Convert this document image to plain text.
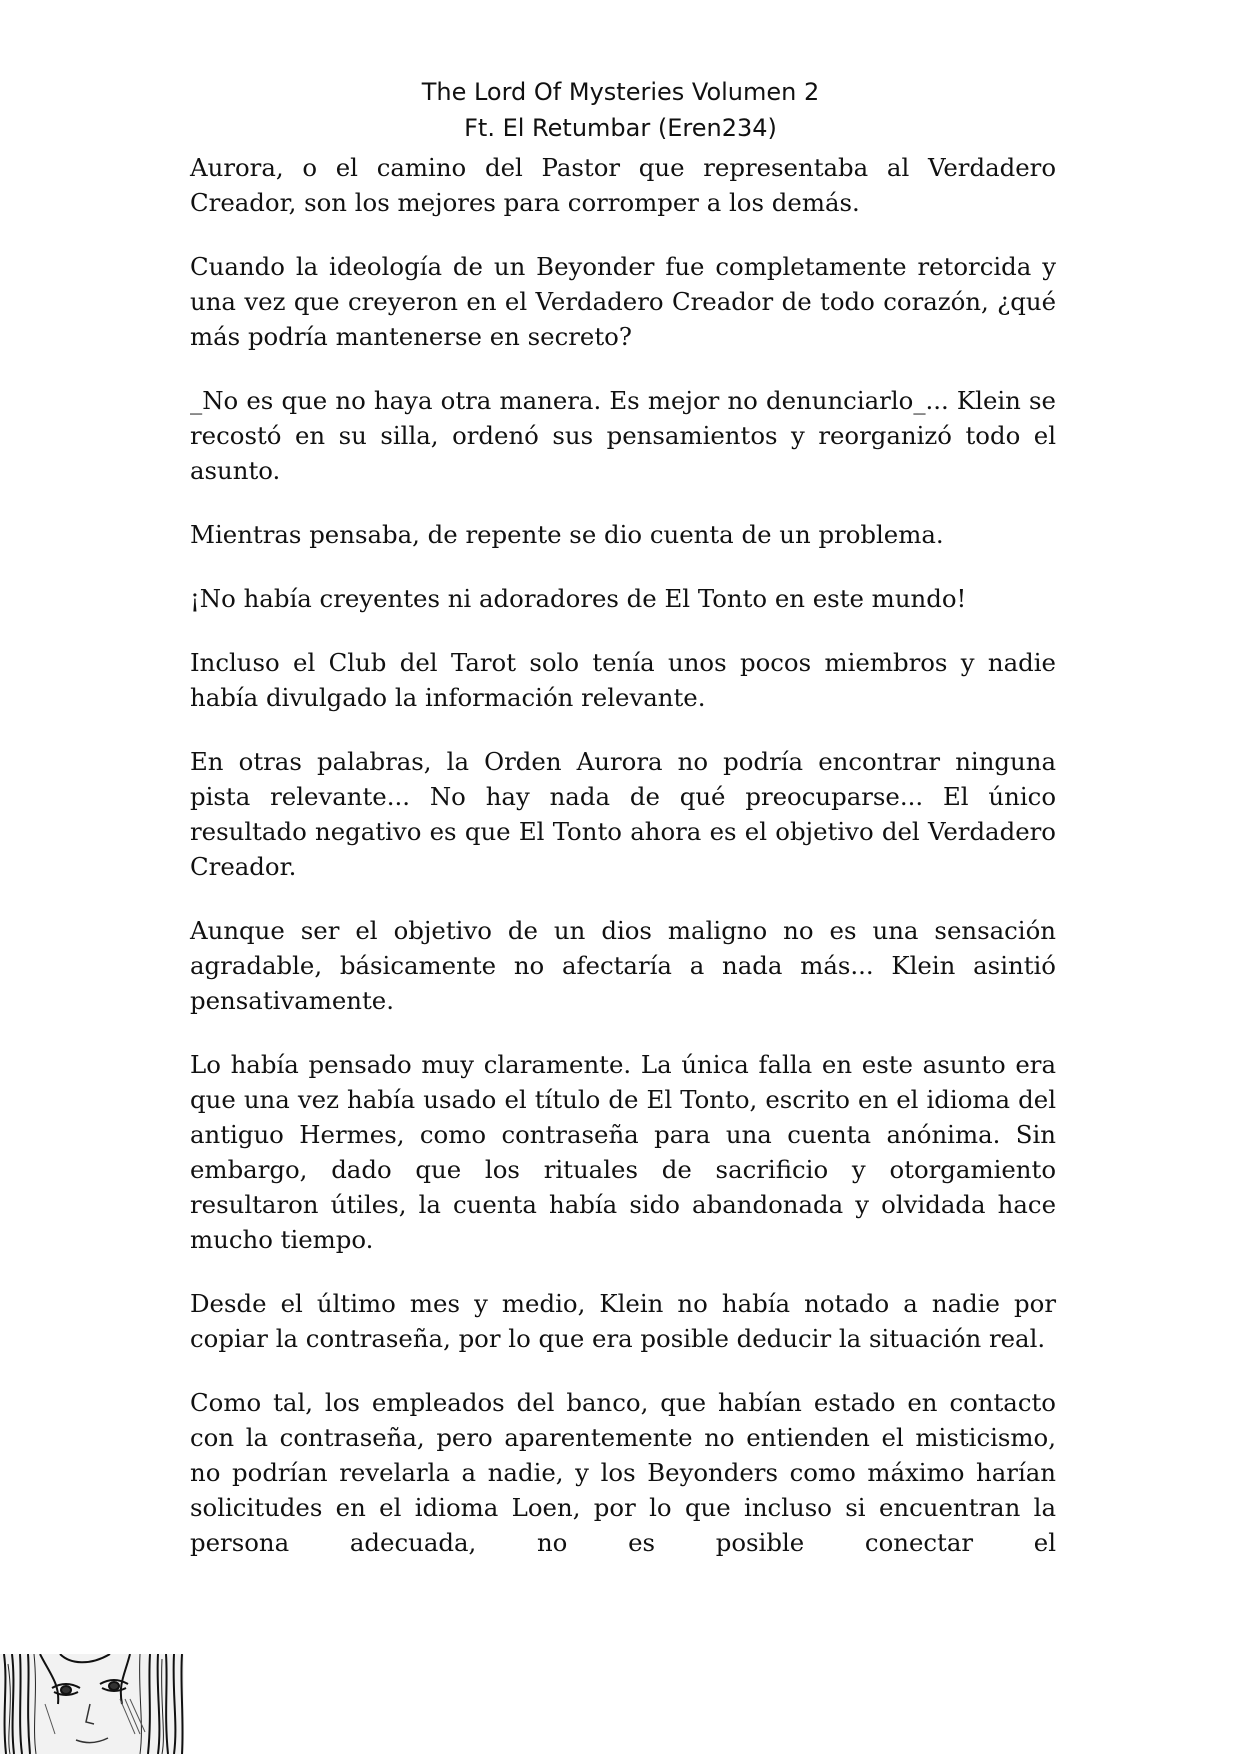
The Lord Of Mysteries Volumen 2
Ft. El Retumbar (Eren234)

Aurora, o el camino del Pastor que representaba al Verdadero Creador, son los mejores para corromper a los demás.

Cuando la ideología de un Beyonder fue completamente retorcida y una vez que creyeron en el Verdadero Creador de todo corazón, ¿qué más podría mantenerse en secreto?

_No es que no haya otra manera. Es mejor no denunciarlo_... Klein se recostó en su silla, ordenó sus pensamientos y reorganizó todo el asunto.

Mientras pensaba, de repente se dio cuenta de un problema.

¡No había creyentes ni adoradores de El Tonto en este mundo!

Incluso el Club del Tarot solo tenía unos pocos miembros y nadie había divulgado la información relevante.

En otras palabras, la Orden Aurora no podría encontrar ninguna pista relevante... No hay nada de qué preocuparse... El único resultado negativo es que El Tonto ahora es el objetivo del Verdadero Creador.

Aunque ser el objetivo de un dios maligno no es una sensación agradable, básicamente no afectaría a nada más... Klein asintió pensativamente.

Lo había pensado muy claramente. La única falla en este asunto era que una vez había usado el título de El Tonto, escrito en el idioma del antiguo Hermes, como contraseña para una cuenta anónima. Sin embargo, dado que los rituales de sacrificio y otorgamiento resultaron útiles, la cuenta había sido abandonada y olvidada hace mucho tiempo.

Desde el último mes y medio, Klein no había notado a nadie por copiar la contraseña, por lo que era posible deducir la situación real.

Como tal, los empleados del banco, que habían estado en contacto con la contraseña, pero aparentemente no entienden el misticismo, no podrían revelarla a nadie, y los Beyonders como máximo harían solicitudes en el idioma Loen, por lo que incluso si encuentran la persona adecuada, no es posible conectar el
